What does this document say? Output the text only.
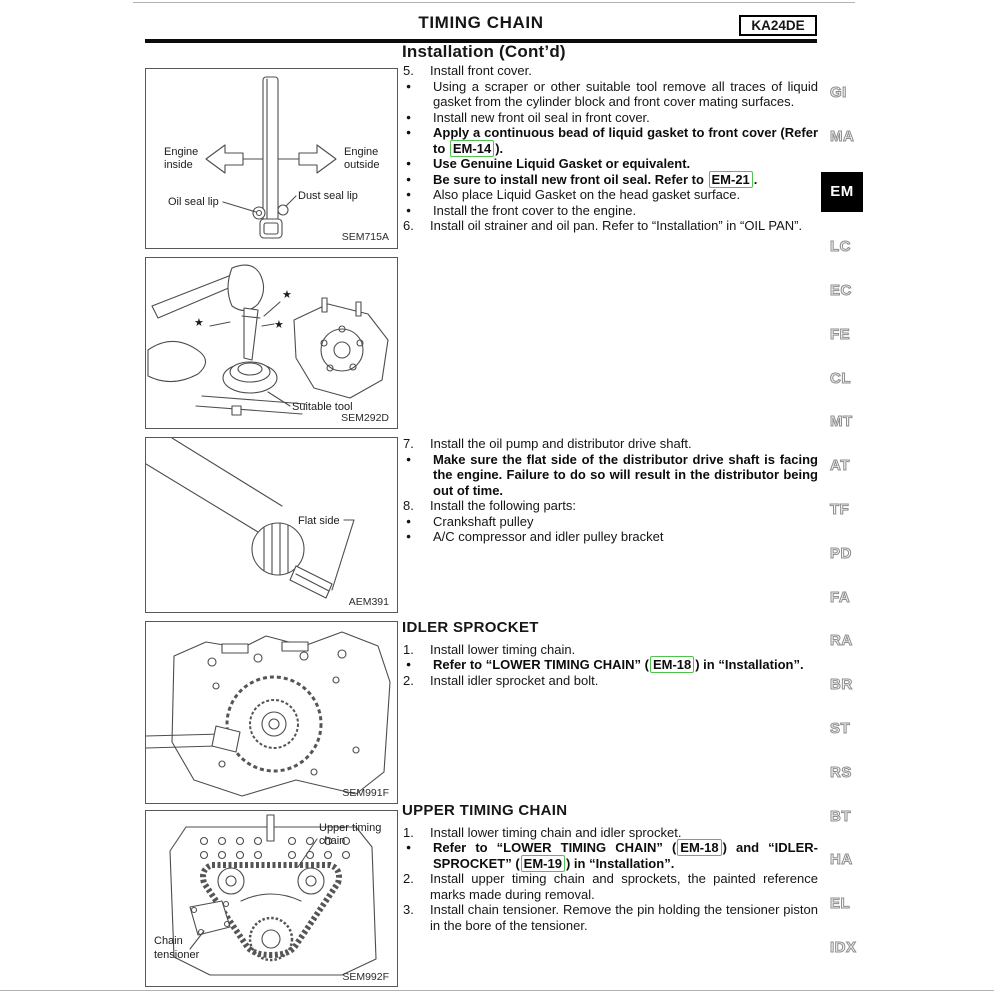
TIMING CHAIN	KA24DE
Installation (Cont’d)
Engine
inside
Engine
outside
Oil seal lip	Dust seal lip
SEM715A
★
★
★
Suitable tool
SEM292D
Flat side
AEM391
SEM991F
Upper timing
chain
Chain
tensioner
SEM992F
5.	Install front cover.
●	Using a scraper or other suitable tool remove all traces of liquid gasket from the cylinder block and front cover mating surfaces.
●	Install new front oil seal in front cover.
●	Apply a continuous bead of liquid gasket to front cover (Refer to EM-14 ).
●	Use Genuine Liquid Gasket or equivalent.
●	Be sure to install new front oil seal. Refer to EM-21 .
●	Also place Liquid Gasket on the head gasket surface.
●	Install the front cover to the engine.
6.	Install oil strainer and oil pan. Refer to “Installation” in “OIL PAN”.
7.	Install the oil pump and distributor drive shaft.
●	Make sure the flat side of the distributor drive shaft is facing the engine. Failure to do so will result in the distributor being out of time.
8.	Install the following parts:
●	Crankshaft pulley
●	A/C compressor and idler pulley bracket
IDLER SPROCKET
1.	Install lower timing chain.
●	Refer to “LOWER TIMING CHAIN” ( EM-18 ) in “Installation”.
2.	Install idler sprocket and bolt.
UPPER TIMING CHAIN
1.	Install lower timing chain and idler sprocket.
●	Refer to “LOWER TIMING CHAIN” ( EM-18 ) and “IDLER-SPROCKET” ( EM-19 ) in “Installation”.
2.	Install upper timing chain and sprockets, the painted reference marks made during removal.
3.	Install chain tensioner. Remove the pin holding the tensioner piston in the bore of the tensioner.
GI
MA
EM
LC
EC
FE
CL
MT
AT
TF
PD
FA
RA
BR
ST
RS
BT
HA
EL
IDX
